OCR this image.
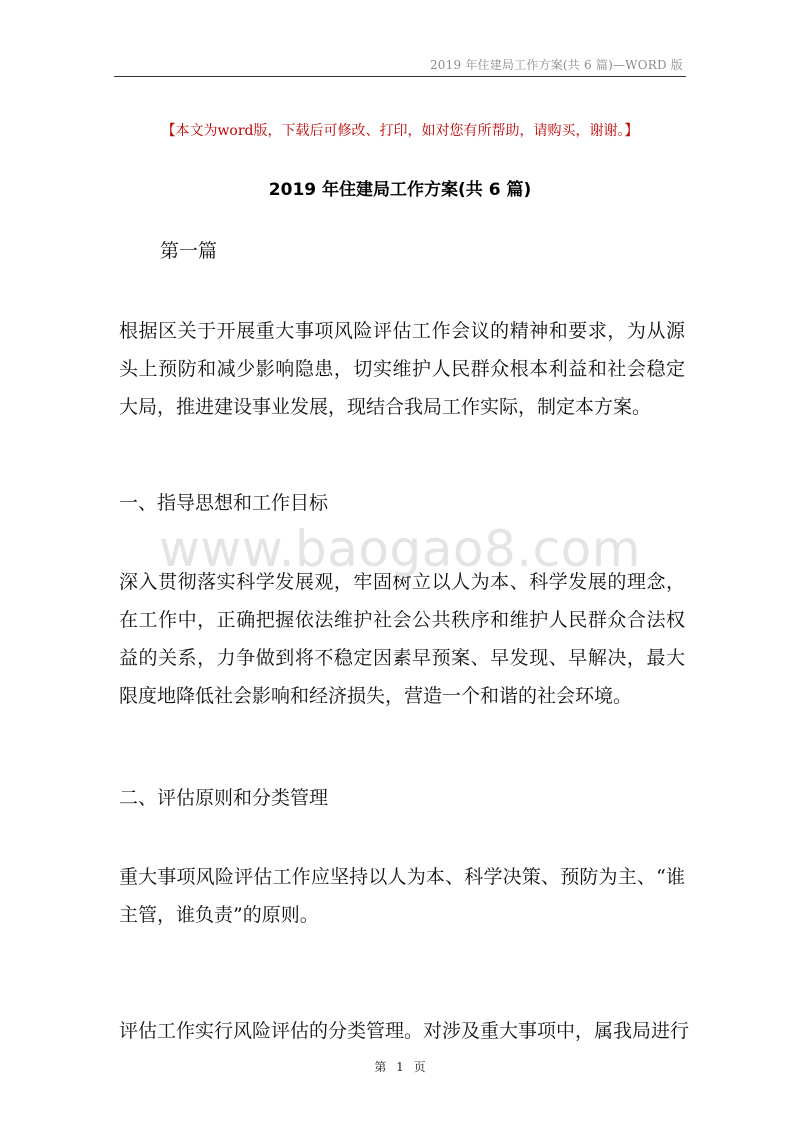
2019 年住建局工作方案(共 6 篇)—WORD 版
【本文为word版，下载后可修改、打印，如对您有所帮助，请购买，谢谢。】
2019 年住建局工作方案(共 6 篇)

第一篇

根据区关于开展重大事项风险评估工作会议的精神和要求，为从源头上预防和减少影响隐患，切实维护人民群众根本利益和社会稳定大局，推进建设事业发展，现结合我局工作实际，制定本方案。

一、指导思想和工作目标

深入贯彻落实科学发展观，牢固树立以人为本、科学发展的理念，在工作中，正确把握依法维护社会公共秩序和维护人民群众合法权益的关系，力争做到将不稳定因素早预案、早发现、早解决，最大限度地降低社会影响和经济损失，营造一个和谐的社会环境。

二、评估原则和分类管理

重大事项风险评估工作应坚持以人为本、科学决策、预防为主、“谁主管，谁负责”的原则。

评估工作实行风险评估的分类管理。对涉及重大事项中，属我局进行

www.baogao8.com
第 1 页
